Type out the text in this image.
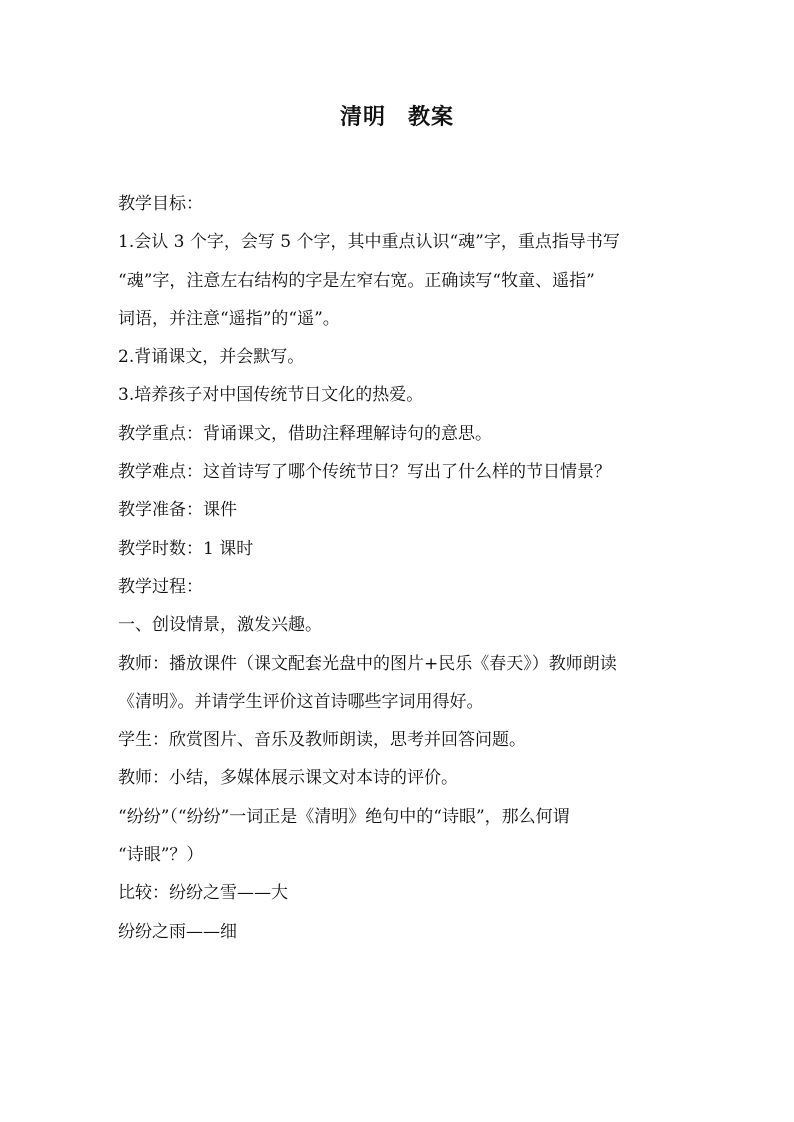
清明 教案

教学目标：

1.会认 3 个字，会写 5 个字，其中重点认识“魂”字，重点指导书写

“魂”字，注意左右结构的字是左窄右宽。正确读写“牧童、遥指”

词语，并注意“遥指”的“遥”。

2.背诵课文，并会默写。

3.培养孩子对中国传统节日文化的热爱。

教学重点：背诵课文，借助注释理解诗句的意思。

教学难点：这首诗写了哪个传统节日？写出了什么样的节日情景？

教学准备：课件

教学时数：1 课时

教学过程：

一、创设情景，激发兴趣。

教师：播放课件（课文配套光盘中的图片+民乐《春天》）教师朗读

《清明》。并请学生评价这首诗哪些字词用得好。

学生：欣赏图片、音乐及教师朗读，思考并回答问题。

教师：小结，多媒体展示课文对本诗的评价。

“纷纷”（“纷纷”一词正是《清明》绝句中的“诗眼”，那么何谓

“诗眼”？）

比较：纷纷之雪——大

纷纷之雨——细
